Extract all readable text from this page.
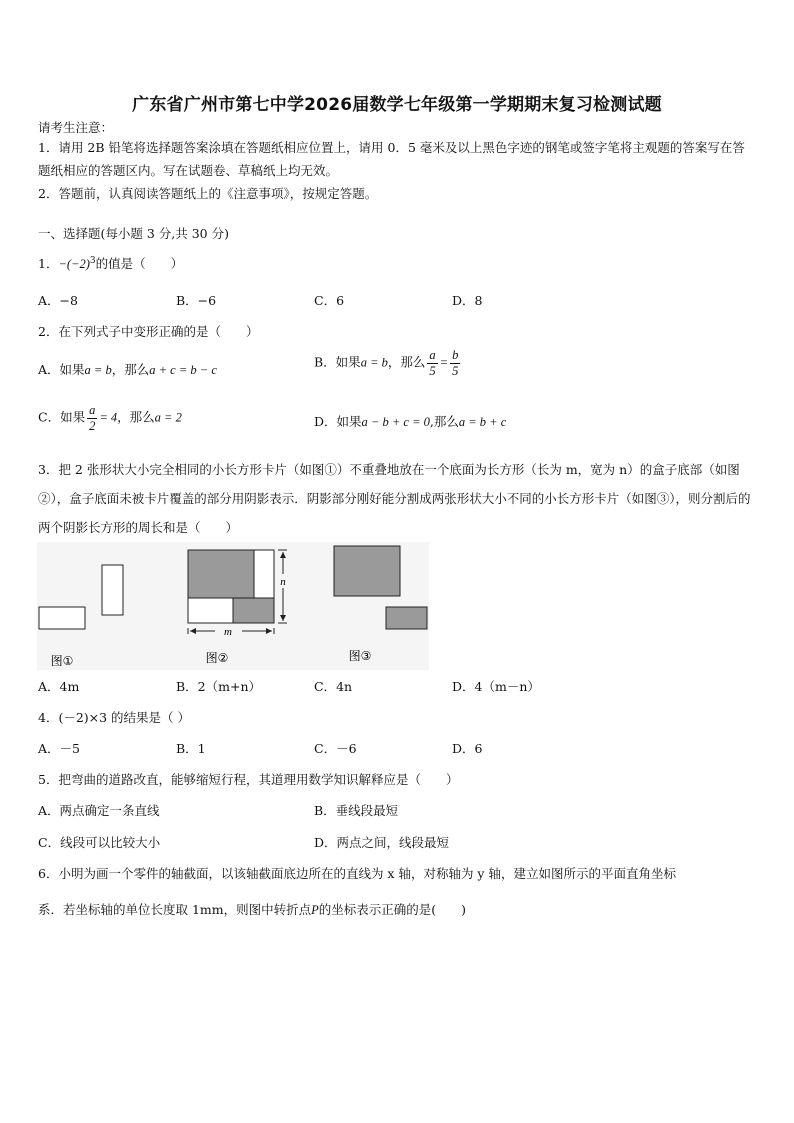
广东省广州市第七中学2026届数学七年级第一学期期末复习检测试题
请考生注意：
1．请用 2B 铅笔将选择题答案涂填在答题纸相应位置上，请用 0．5 毫米及以上黑色字迹的钢笔或签字笔将主观题的答案写在答题纸相应的答题区内。写在试题卷、草稿纸上均无效。
2．答题前，认真阅读答题纸上的《注意事项》，按规定答题。
一、选择题(每小题 3 分,共 30 分)
1．$-(-2)^3$的值是（　　）
A．−8	B．−6	C．6	D．8
2．在下列式子中变形正确的是（　　）
A．如果a = b，那么a + c = b − c
B．如果a = b，那么 $\frac{a}{5} = \frac{b}{5}$
C．如果 $\frac{a}{2} = 4$，那么a = 2	D．如果a − b + c = 0,那么a = b + c
3．把 2 张形状大小完全相同的小长方形卡片（如图①）不重叠地放在一个底面为长方形（长为 m，宽为 n）的盒子底部（如图②），盒子底面未被卡片覆盖的部分用阴影表示．阴影部分刚好能分割成两张形状大小不同的小长方形卡片（如图③），则分割后的两个阴影长方形的周长和是（　　）
图①
m
n
图②	图③
A．4m	B．2（m+n）	C．4n	D．4（m－n）
4．(－2)×3 的结果是（ ）
A．－5	B．1	C．－6	D．6
5．把弯曲的道路改直，能够缩短行程，其道理用数学知识解释应是（　　）
A．两点确定一条直线	B．垂线段最短
C．线段可以比较大小	D．两点之间，线段最短
6．小明为画一个零件的轴截面，以该轴截面底边所在的直线为 x 轴，对称轴为 y 轴，建立如图所示的平面直角坐标
系．若坐标轴的单位长度取 1mm，则图中转折点P的坐标表示正确的是(　　)
